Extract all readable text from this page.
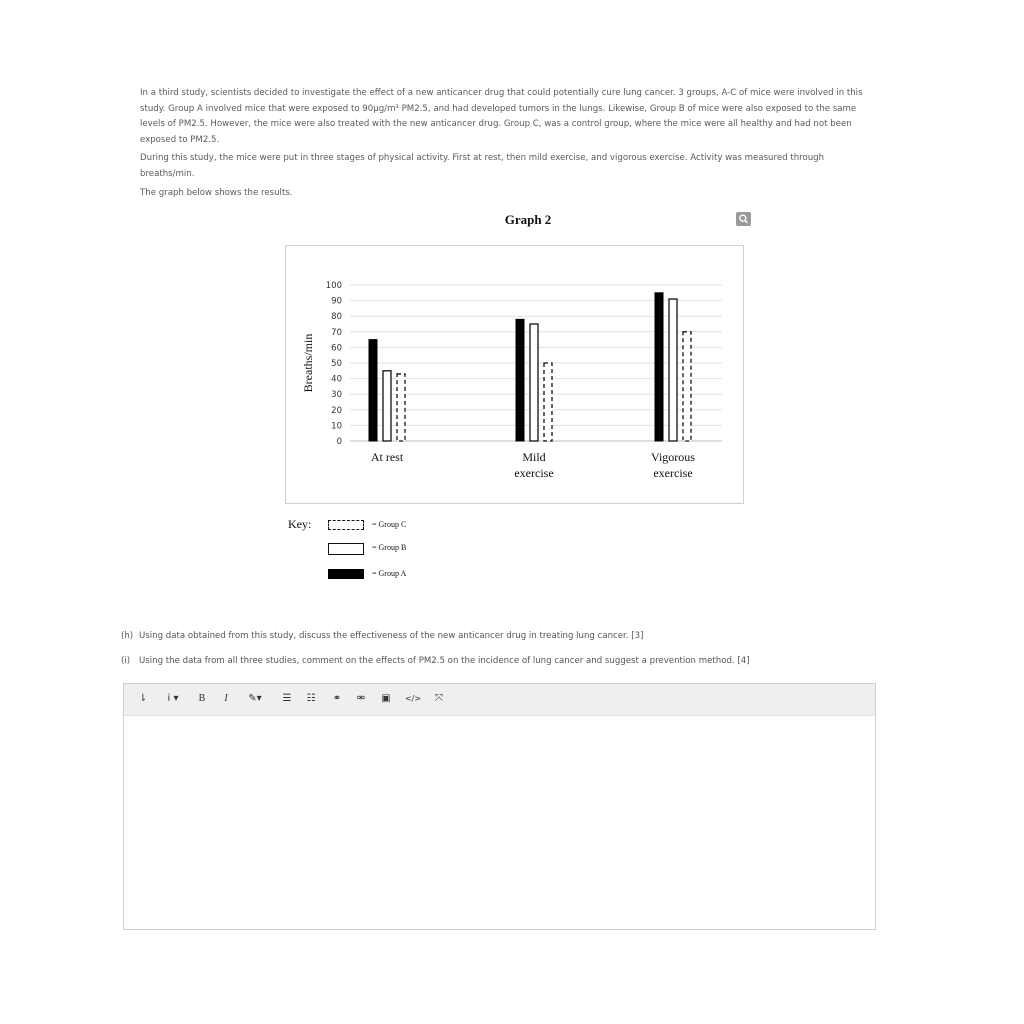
In a third study, scientists decided to investigate the effect of a new anticancer drug that could potentially cure lung cancer. 3 groups, A-C of mice were involved in this study. Group A involved mice that were exposed to 90µg/m³ PM2.5, and had developed tumors in the lungs. Likewise, Group B of mice were also exposed to the same levels of PM2.5. However, the mice were also treated with the new anticancer drug. Group C, was a control group, where the mice were all healthy and had not been exposed to PM2.5.

During this study, the mice were put in three stages of physical activity. First at rest, then mild exercise, and vigorous exercise. Activity was measured through breaths/min.

The graph below shows the results.

Graph 2
0
10
20
30
40
50
60
70
80
90
100
Breaths/min
At rest	Mild
exercise
Vigorous
exercise
Key:	= Group C
= Group B
= Group A
(h) Using data obtained from this study, discuss the effectiveness of the new anticancer drug in treating lung cancer. [3]
(i) Using the data from all three studies, comment on the effects of PM2.5 on the incidence of lung cancer and suggest a prevention method. [4]
⇂	i ▾	B	I	✎▾	☰ ☷ ⚭ ⚮ ▣ </>	⤧
